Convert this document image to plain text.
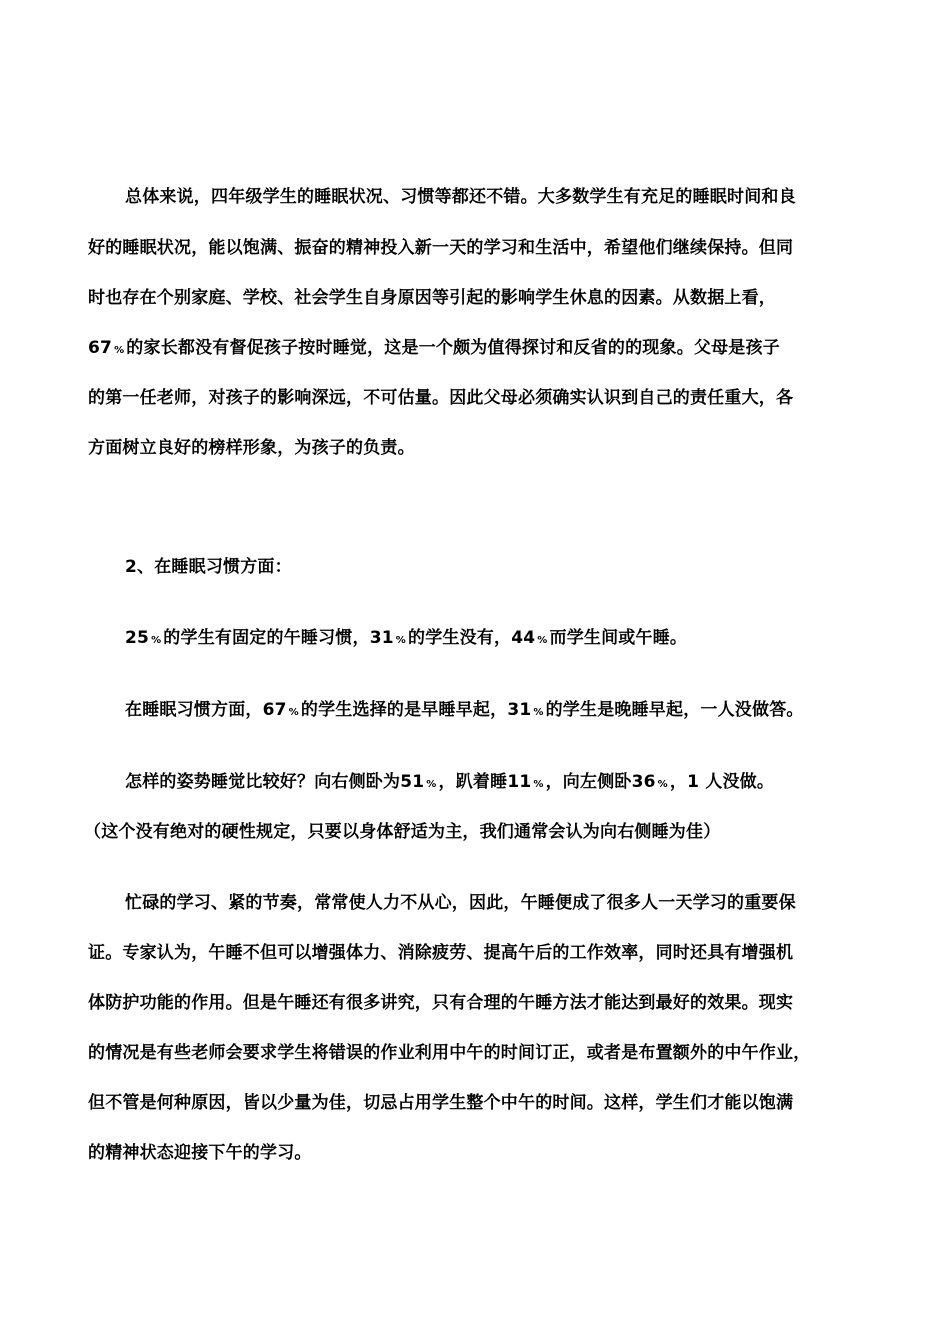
总体来说，四年级学生的睡眠状况、习惯等都还不错。大多数学生有充足的睡眠时间和良
好的睡眠状况，能以饱满、振奋的精神投入新一天的学习和生活中，希望他们继续保持。但同
时也存在个别家庭、学校、社会学生自身原因等引起的影响学生休息的因素。从数据上看，
67 % 的家长都没有督促孩子按时睡觉，这是一个颇为值得探讨和反省的的现象。父母是孩子
的第一任老师，对孩子的影响深远，不可估量。因此父母必须确实认识到自己的责任重大，各
方面树立良好的榜样形象，为孩子的负责。
2、在睡眠习惯方面：
25 % 的学生有固定的午睡习惯，31 % 的学生没有，44 % 而学生间或午睡。
在睡眠习惯方面，67 % 的学生选择的是早睡早起，31 % 的学生是晚睡早起，一人没做答。
怎样的姿势睡觉比较好？向右侧卧为51 % ，趴着睡11 % ，向左侧卧36 % ，1 人没做。
（这个没有绝对的硬性规定，只要以身体舒适为主，我们通常会认为向右侧睡为佳）
忙碌的学习、紧的节奏，常常使人力不从心，因此，午睡便成了很多人一天学习的重要保
证。专家认为，午睡不但可以增强体力、消除疲劳、提高午后的工作效率，同时还具有增强机
体防护功能的作用。但是午睡还有很多讲究，只有合理的午睡方法才能达到最好的效果。现实
的情况是有些老师会要求学生将错误的作业利用中午的时间订正，或者是布置额外的中午作业，
但不管是何种原因，皆以少量为佳，切忌占用学生整个中午的时间。这样，学生们才能以饱满
的精神状态迎接下午的学习。
